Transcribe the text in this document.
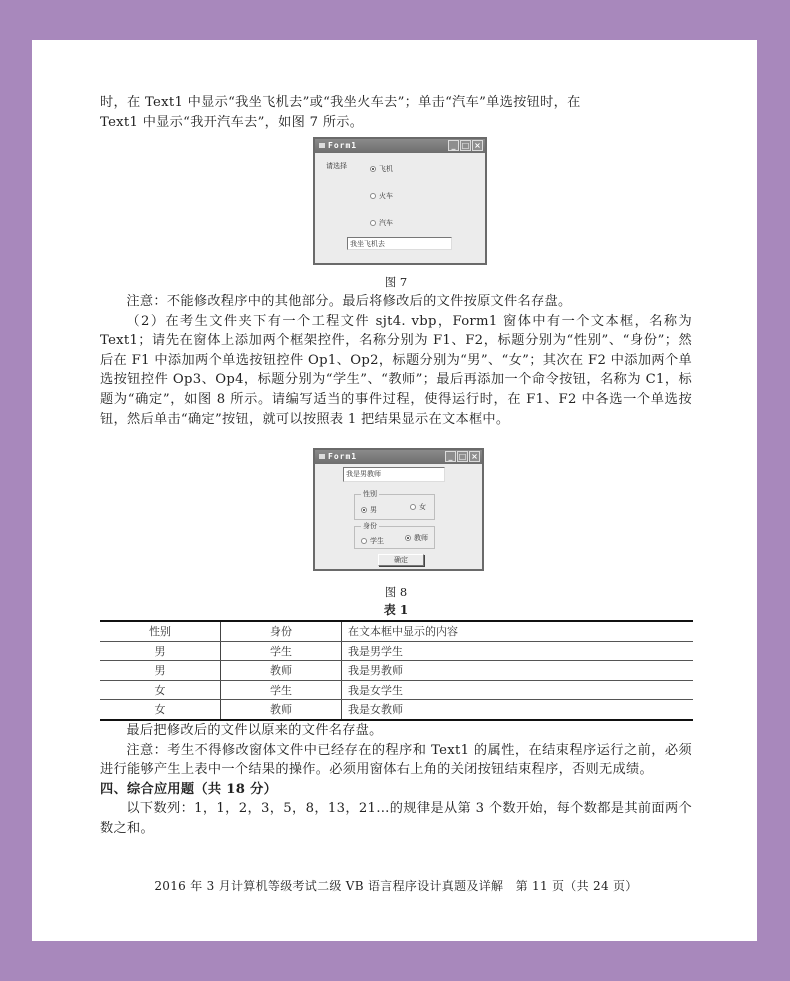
时，在 Text1 中显示“我坐飞机去”或“我坐火车去”；单击“汽车”单选按钮时，在

Text1 中显示“我开汽车去”，如图 7 所示。

Form1	_ □ ×
请选择	飞机
火车
汽车
我坐飞机去
图 7

注意：不能修改程序中的其他部分。最后将修改后的文件按原文件名存盘。

（2）在考生文件夹下有一个工程文件 sjt4. vbp，Form1 窗体中有一个文本框，名称为 Text1；请先在窗体上添加两个框架控件，名称分别为 F1、F2，标题分别为“性别”、“身份”；然后在 F1 中添加两个单选按钮控件 Op1、Op2，标题分别为“男”、“女”；其次在 F2 中添加两个单选按钮控件 Op3、Op4，标题分别为“学生”、“教师”；最后再添加一个命令按钮，名称为 C1，标题为“确定”，如图 8 所示。请编写适当的事件过程，使得运行时，在 F1、F2 中各选一个单选按钮，然后单击“确定”按钮，就可以按照表 1 把结果显示在文本框中。

Form1	_ □ ×
我是男教师
性别
男	女
身份
学生	教师
确定
图 8
表 1
性别	身份	在文本框中显示的内容
男	学生	我是男学生
男	教师	我是男教师
女	学生	我是女学生
女	教师	我是女教师

最后把修改后的文件以原来的文件名存盘。

注意：考生不得修改窗体文件中已经存在的程序和 Text1 的属性，在结束程序运行之前，必须进行能够产生上表中一个结果的操作。必须用窗体右上角的关闭按钮结束程序，否则无成绩。

四、综合应用题（共 18 分）

以下数列：1，1，2，3，5，8，13，21…的规律是从第 3 个数开始，每个数都是其前面两个数之和。

2016 年 3 月计算机等级考试二级 VB 语言程序设计真题及详解　第 11 页（共 24 页）
